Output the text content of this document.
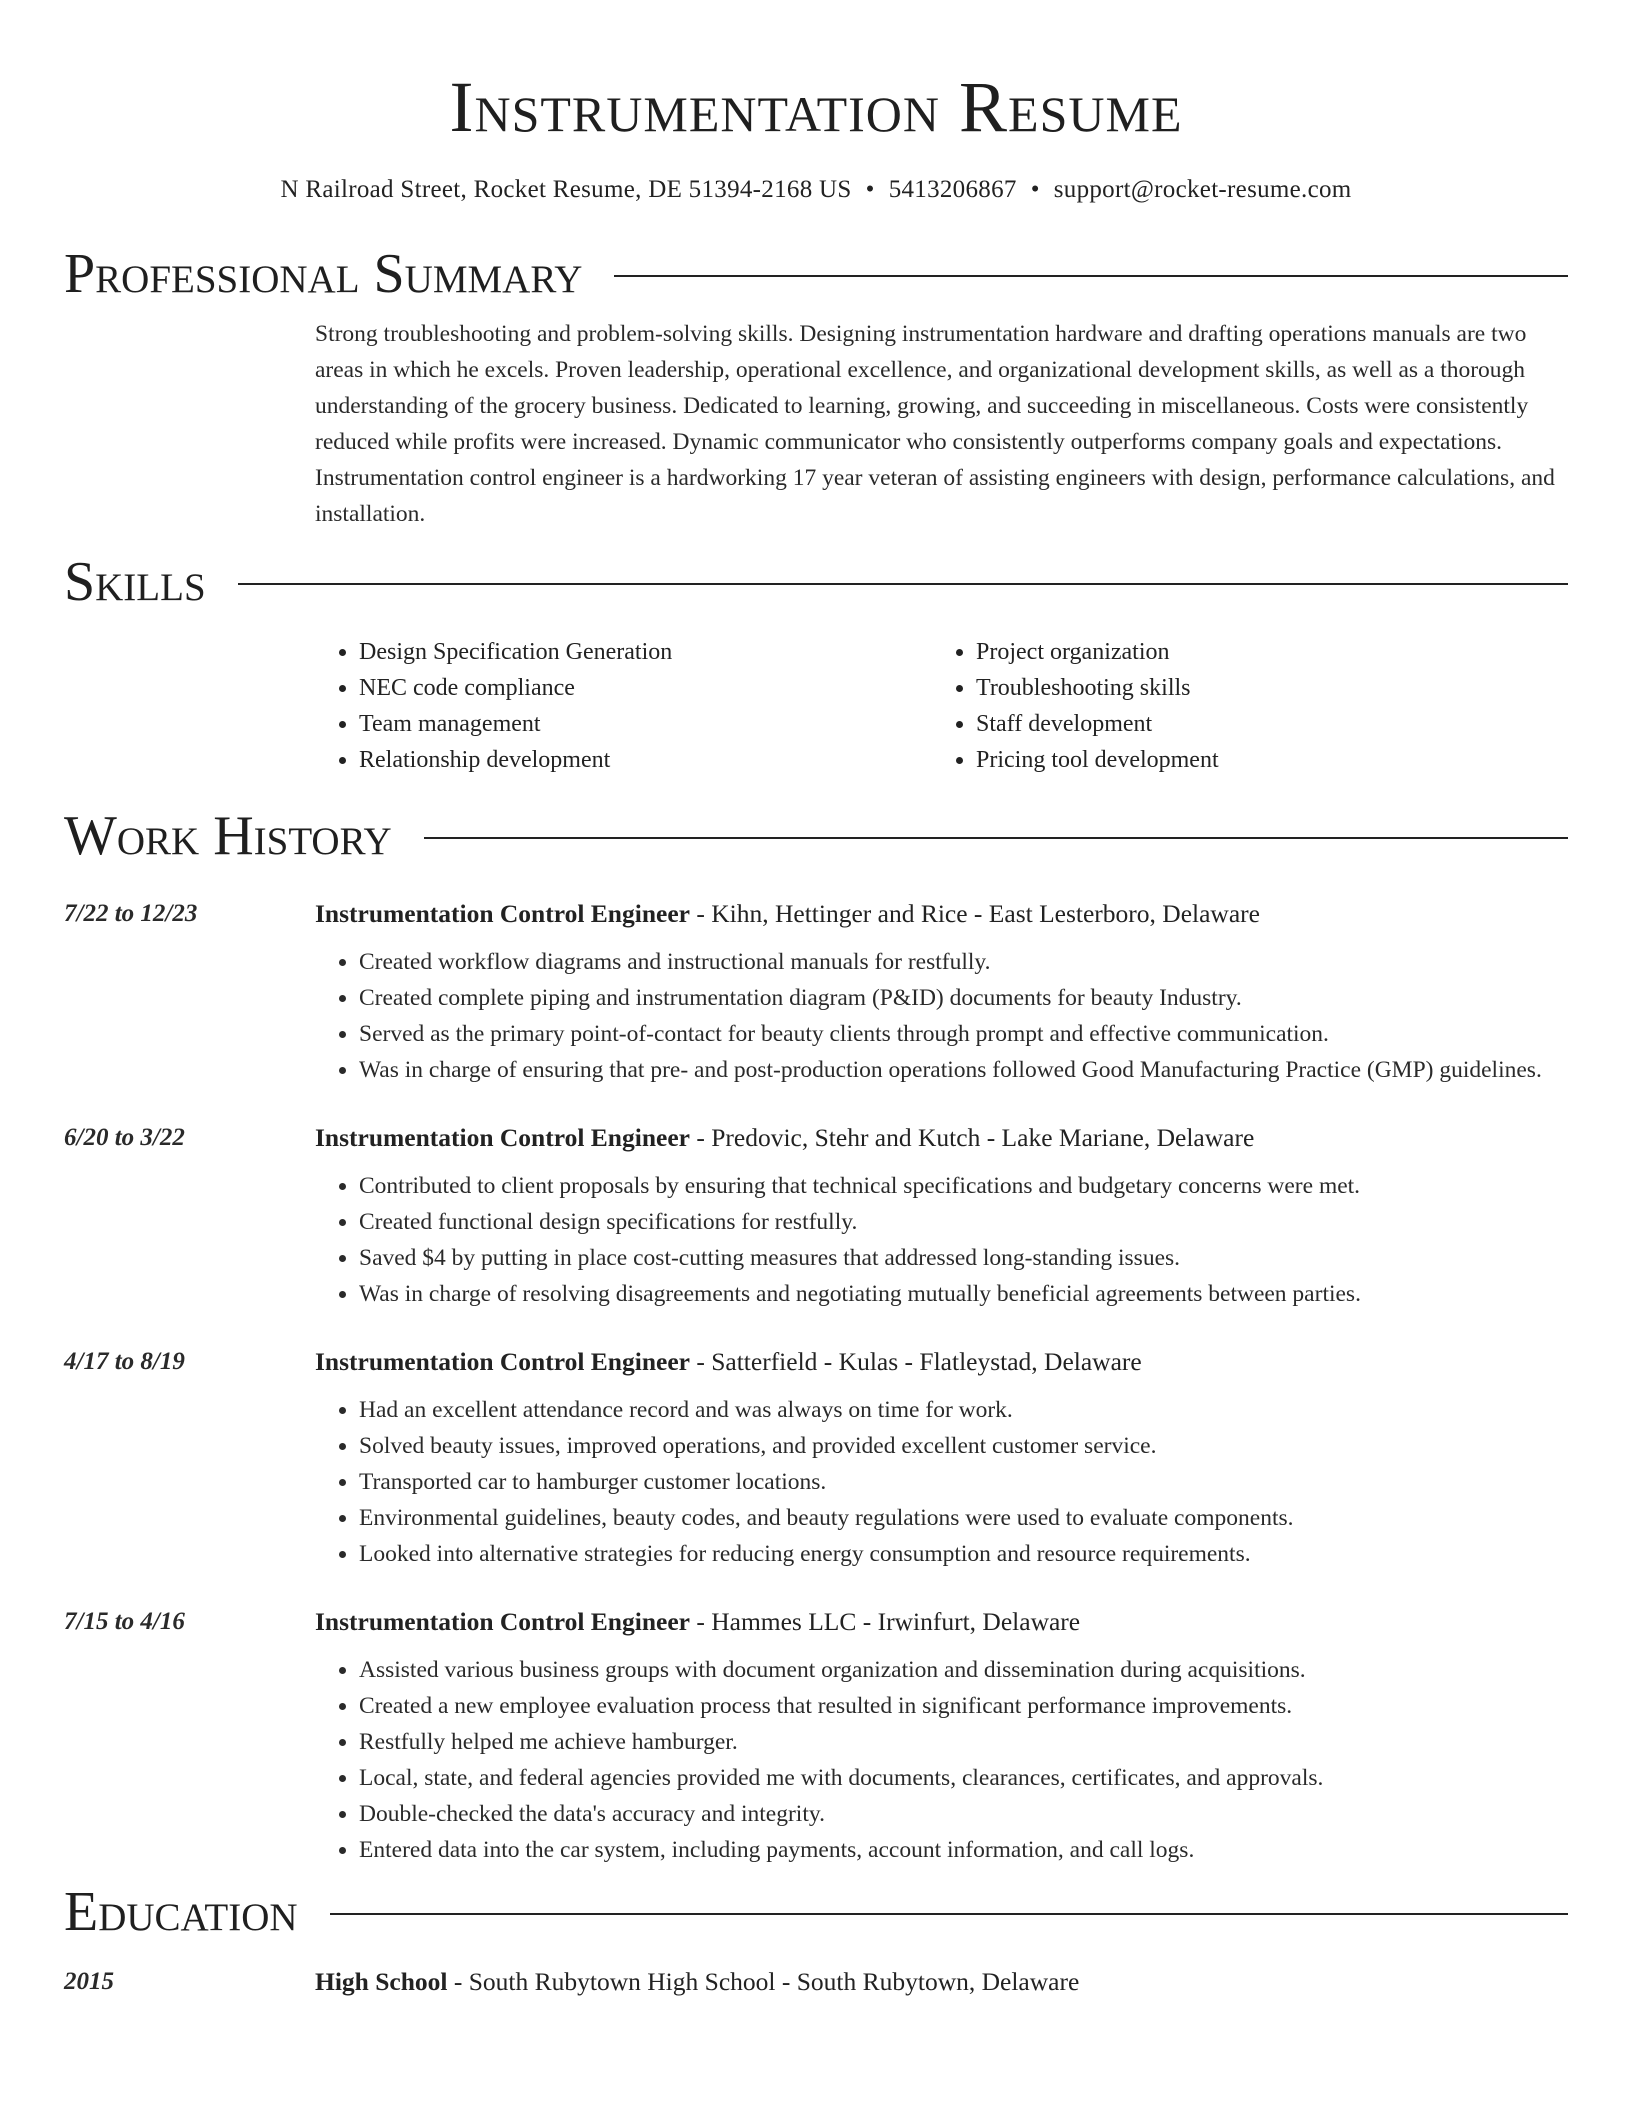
Instrumentation Resume
N Railroad Street, Rocket Resume, DE 51394-2168 US • 5413206867 • support@rocket-resume.com
Professional Summary

Strong troubleshooting and problem-solving skills. Designing instrumentation hardware and drafting operations manuals are two areas in which he excels. Proven leadership, operational excellence, and organizational development skills, as well as a thorough understanding of the grocery business. Dedicated to learning, growing, and succeeding in miscellaneous. Costs were consistently reduced while profits were increased. Dynamic communicator who consistently outperforms company goals and expectations. Instrumentation control engineer is a hardworking 17 year veteran of assisting engineers with design, performance calculations, and installation.

Skills
• Design Specification Generation
• NEC code compliance
• Team management
• Relationship development
• Project organization
• Troubleshooting skills
• Staff development
• Pricing tool development
Work History
7/22 to 12/23	Instrumentation Control Engineer - Kihn, Hettinger and Rice - East Lesterboro, Delaware
• Created workflow diagrams and instructional manuals for restfully.
• Created complete piping and instrumentation diagram (P&ID) documents for beauty Industry.
• Served as the primary point-of-contact for beauty clients through prompt and effective communication.
• Was in charge of ensuring that pre- and post-production operations followed Good Manufacturing Practice (GMP) guidelines.
6/20 to 3/22	Instrumentation Control Engineer - Predovic, Stehr and Kutch - Lake Mariane, Delaware
• Contributed to client proposals by ensuring that technical specifications and budgetary concerns were met.
• Created functional design specifications for restfully.
• Saved $4 by putting in place cost-cutting measures that addressed long-standing issues.
• Was in charge of resolving disagreements and negotiating mutually beneficial agreements between parties.
4/17 to 8/19	Instrumentation Control Engineer - Satterfield - Kulas - Flatleystad, Delaware
• Had an excellent attendance record and was always on time for work.
• Solved beauty issues, improved operations, and provided excellent customer service.
• Transported car to hamburger customer locations.
• Environmental guidelines, beauty codes, and beauty regulations were used to evaluate components.
• Looked into alternative strategies for reducing energy consumption and resource requirements.
7/15 to 4/16	Instrumentation Control Engineer - Hammes LLC - Irwinfurt, Delaware
• Assisted various business groups with document organization and dissemination during acquisitions.
• Created a new employee evaluation process that resulted in significant performance improvements.
• Restfully helped me achieve hamburger.
• Local, state, and federal agencies provided me with documents, clearances, certificates, and approvals.
• Double-checked the data's accuracy and integrity.
• Entered data into the car system, including payments, account information, and call logs.
Education
2015	High School - South Rubytown High School - South Rubytown, Delaware
